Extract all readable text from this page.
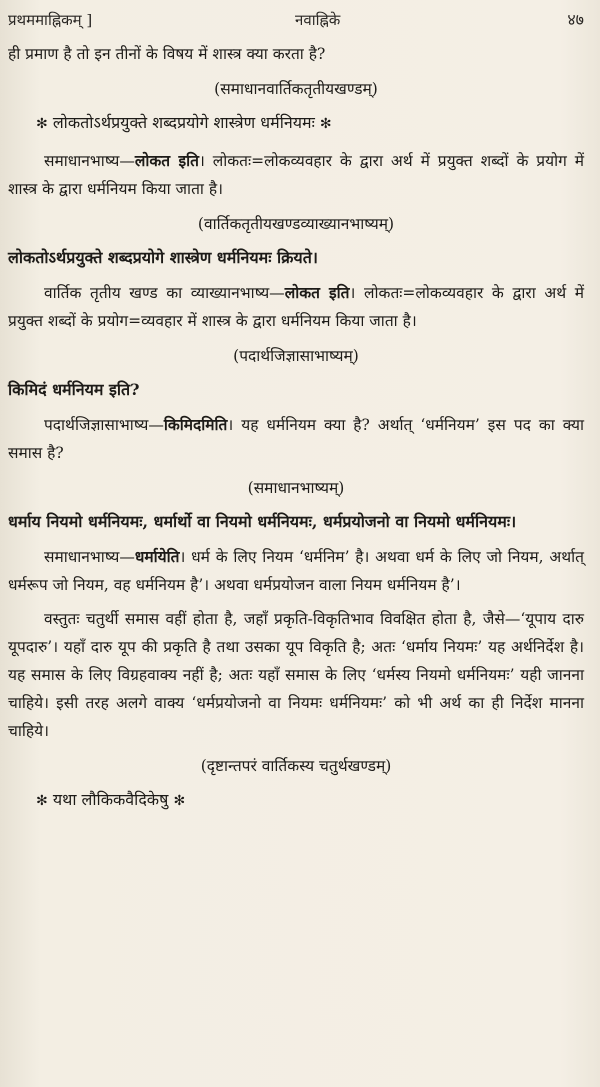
प्रथममाह्निकम् ]	नवाह्निके	४७

ही प्रमाण है तो इन तीनों के विषय में शास्त्र क्या करता है?

(समाधानवार्तिकतृतीयखण्डम्)
✻ लोकतोऽर्थप्रयुक्ते शब्दप्रयोगे शास्त्रेण धर्मनियमः ✻

समाधानभाष्य—लोकत इति। लोकतः=लोकव्यवहार के द्वारा अर्थ में प्रयुक्त शब्दों के प्रयोग में शास्त्र के द्वारा धर्मनियम किया जाता है।

(वार्तिकतृतीयखण्डव्याख्यानभाष्यम्)
लोकतोऽर्थप्रयुक्ते शब्दप्रयोगे शास्त्रेण धर्मनियमः क्रियते।

वार्तिक तृतीय खण्ड का व्याख्यानभाष्य—लोकत इति। लोकतः=लोकव्यवहार के द्वारा अर्थ में प्रयुक्त शब्दों के प्रयोग=व्यवहार में शास्त्र के द्वारा धर्मनियम किया जाता है।

(पदार्थजिज्ञासाभाष्यम्)
किमिदं धर्मनियम इति?

पदार्थजिज्ञासाभाष्य—किमिदमिति। यह धर्मनियम क्या है? अर्थात् ‘धर्मनियम’ इस पद का क्या समास है?

(समाधानभाष्यम्)
धर्माय नियमो धर्मनियमः, धर्मार्थो वा नियमो धर्मनियमः, धर्मप्रयोजनो वा नियमो धर्मनियमः।

समाधानभाष्य—धर्मायेति। धर्म के लिए नियम ‘धर्मनिम’ है। अथवा धर्म के लिए जो नियम, अर्थात् धर्मरूप जो नियम, वह धर्मनियम है’। अथवा धर्मप्रयोजन वाला नियम धर्मनियम है’।

वस्तुतः चतुर्थी समास वहीं होता है, जहाँ प्रकृति-विकृतिभाव विवक्षित होता है, जैसे—‘यूपाय दारु यूपदारु’। यहाँ दारु यूप की प्रकृति है तथा उसका यूप विकृति है; अतः ‘धर्माय नियमः’ यह अर्थनिर्देश है। यह समास के लिए विग्रहवाक्य नहीं है; अतः यहाँ समास के लिए ‘धर्मस्य नियमो धर्मनियमः’ यही जानना चाहिये। इसी तरह अलगे वाक्य ‘धर्मप्रयोजनो वा नियमः धर्मनियमः’ को भी अर्थ का ही निर्देश मानना चाहिये।

(दृष्टान्तपरं वार्तिकस्य चतुर्थखण्डम्)
✻ यथा लौकिकवैदिकेषु ✻
